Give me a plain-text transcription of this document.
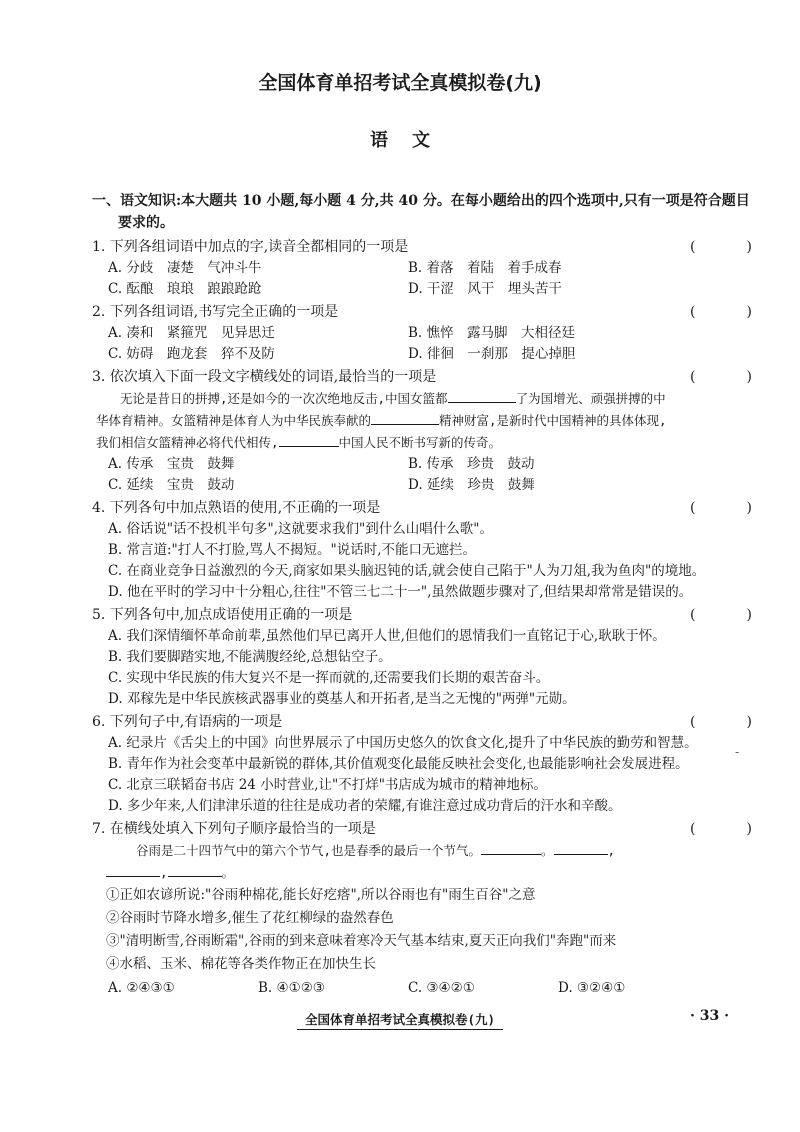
全国体育单招考试全真模拟卷(九)
语文
一、语文知识:本大题共 10 小题,每小题 4 分,共 40 分。在每小题给出的四个选项中,只有一项是符合题目
要求的。
1. 下列各组词语中加点的字,读音全都相同的一项是	(	)
A. 分歧　凄楚　气冲斗牛	B. 着落　着陆　着手成春
C. 酝酿　琅琅　踉踉跄跄	D. 干涩　风干　埋头苦干
2. 下列各组词语,书写完全正确的一项是	(	)
A. 凑和　紧箍咒　见异思迁	B. 憔悴　露马脚　大相径廷
C. 妨碍　跑龙套　猝不及防	D. 徘徊　一刹那　提心掉胆
3. 依次填入下面一段文字横线处的词语,最恰当的一项是	(	)
无论是昔日的拼搏,还是如今的一次次绝地反击,中国女篮都	了为国增光、顽强拼搏的中
华体育精神。女篮精神是体育人为中华民族奉献的	精神财富,是新时代中国精神的具体体现,
我们相信女篮精神必将代代相传,	中国人民不断书写新的传奇。
A. 传承　宝贵　鼓舞	B. 传承　珍贵　鼓动
C. 延续　宝贵　鼓动	D. 延续　珍贵　鼓舞
4. 下列各句中加点熟语的使用,不正确的一项是	(	)
A. 俗话说"话不投机半句多",这就要求我们"到什么山唱什么歌"。
B. 常言道:"打人不打脸,骂人不揭短。"说话时,不能口无遮拦。
C. 在商业竞争日益激烈的今天,商家如果头脑迟钝的话,就会使自己陷于"人为刀俎,我为鱼肉"的境地。
D. 他在平时的学习中十分粗心,往往"不管三七二十一",虽然做题步骤对了,但结果却常常是错误的。
5. 下列各句中,加点成语使用正确的一项是	(	)
A. 我们深情缅怀革命前辈,虽然他们早已离开人世,但他们的恩情我们一直铭记于心,耿耿于怀。
B. 我们要脚踏实地,不能满腹经纶,总想钻空子。
C. 实现中华民族的伟大复兴不是一挥而就的,还需要我们长期的艰苦奋斗。
D. 邓稼先是中华民族核武器事业的奠基人和开拓者,是当之无愧的"两弹"元勋。
6. 下列句子中,有语病的一项是	(	)
A. 纪录片《舌尖上的中国》向世界展示了中国历史悠久的饮食文化,提升了中华民族的勤劳和智慧。
B. 青年作为社会变革中最新锐的群体,其价值观变化最能反映社会变化,也最能影响社会发展进程。
C. 北京三联韬奋书店 24 小时营业,让"不打烊"书店成为城市的精神地标。
D. 多少年来,人们津津乐道的往往是成功者的荣耀,有谁注意过成功背后的汗水和辛酸。
7. 在横线处填入下列句子顺序最恰当的一项是	(	)
谷雨是二十四节气中的第六个节气,也是春季的最后一个节气。	。	,
,	。
①正如农谚所说:"谷雨种棉花,能长好疙瘩",所以谷雨也有"雨生百谷"之意
②谷雨时节降水增多,催生了花红柳绿的盎然春色
③"清明断雪,谷雨断霜",谷雨的到来意味着寒冷天气基本结束,夏天正向我们"奔跑"而来
④水稻、玉米、棉花等各类作物正在加快生长
A. ②④③①	B. ④①②③	C. ③④②①	D. ③②④①
-
全国体育单招考试全真模拟卷(九)	· 33 ·
